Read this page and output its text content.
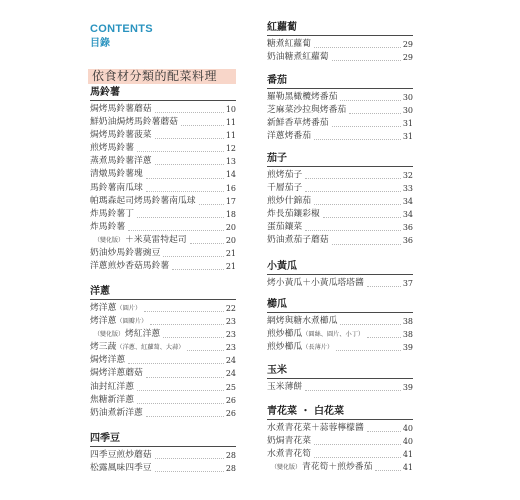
CONTENTS
目錄
依食材分類的配菜料理
馬鈴薯
焗烤馬鈴薯蘑菇	10
鮮奶油焗烤馬鈴薯蘑菇	11
焗烤馬鈴薯菠菜	11
煎烤馬鈴薯	12
蒸煮馬鈴薯洋蔥	13
清燉馬鈴薯塊	14
馬鈴薯南瓜球	16
帕瑪森起司烤馬鈴薯南瓜球	17
炸馬鈴薯丁	18
炸馬鈴薯	20
（變化版） ＋米莫雷特起司	20
奶油炒馬鈴薯豌豆	21
洋蔥煎炒香菇馬鈴薯	21
洋蔥
烤洋蔥 （圓片）	22
烤洋蔥 （圓瓣片）	23
（變化版） 烤紅洋蔥	23
烤三蔬 （洋蔥、紅蘿蔔、大蒜）	23
焗烤洋蔥	24
焗烤洋蔥蘑菇	24
油封紅洋蔥	25
焦糖新洋蔥	26
奶油煮新洋蔥	26
四季豆
四季豆煎炒蘑菇	28
松露風味四季豆	28
紅蘿蔔
糖煮紅蘿蔔	29
奶油糖煮紅蘿蔔	29
番茄
羅勒黑橄欖烤番茄	30
芝麻菜沙拉與烤番茄	30
新鮮香草烤番茄	31
洋蔥烤番茄	31
茄子
煎烤茄子	32
千層茄子	33
煎炒什錦茄	34
炸長茄鑲彩椒	34
蛋茄鑲菜	36
奶油煮茄子蘑菇	36
小黃瓜
烤小黃瓜＋小黃瓜塔塔醬	37
櫛瓜
網烤與糖水煮櫛瓜	38
煎炒櫛瓜 （圓絲、圓片、小丁）	38
煎炒櫛瓜 （長薄片）	39
玉米
玉米薄餅	39
青花菜 ・ 白花菜
水煮青花菜＋蒜蓉檸檬醬	40
奶焗青花菜	40
水煮青花筍	41
（變化版） 青花筍＋煎炒番茄	41
